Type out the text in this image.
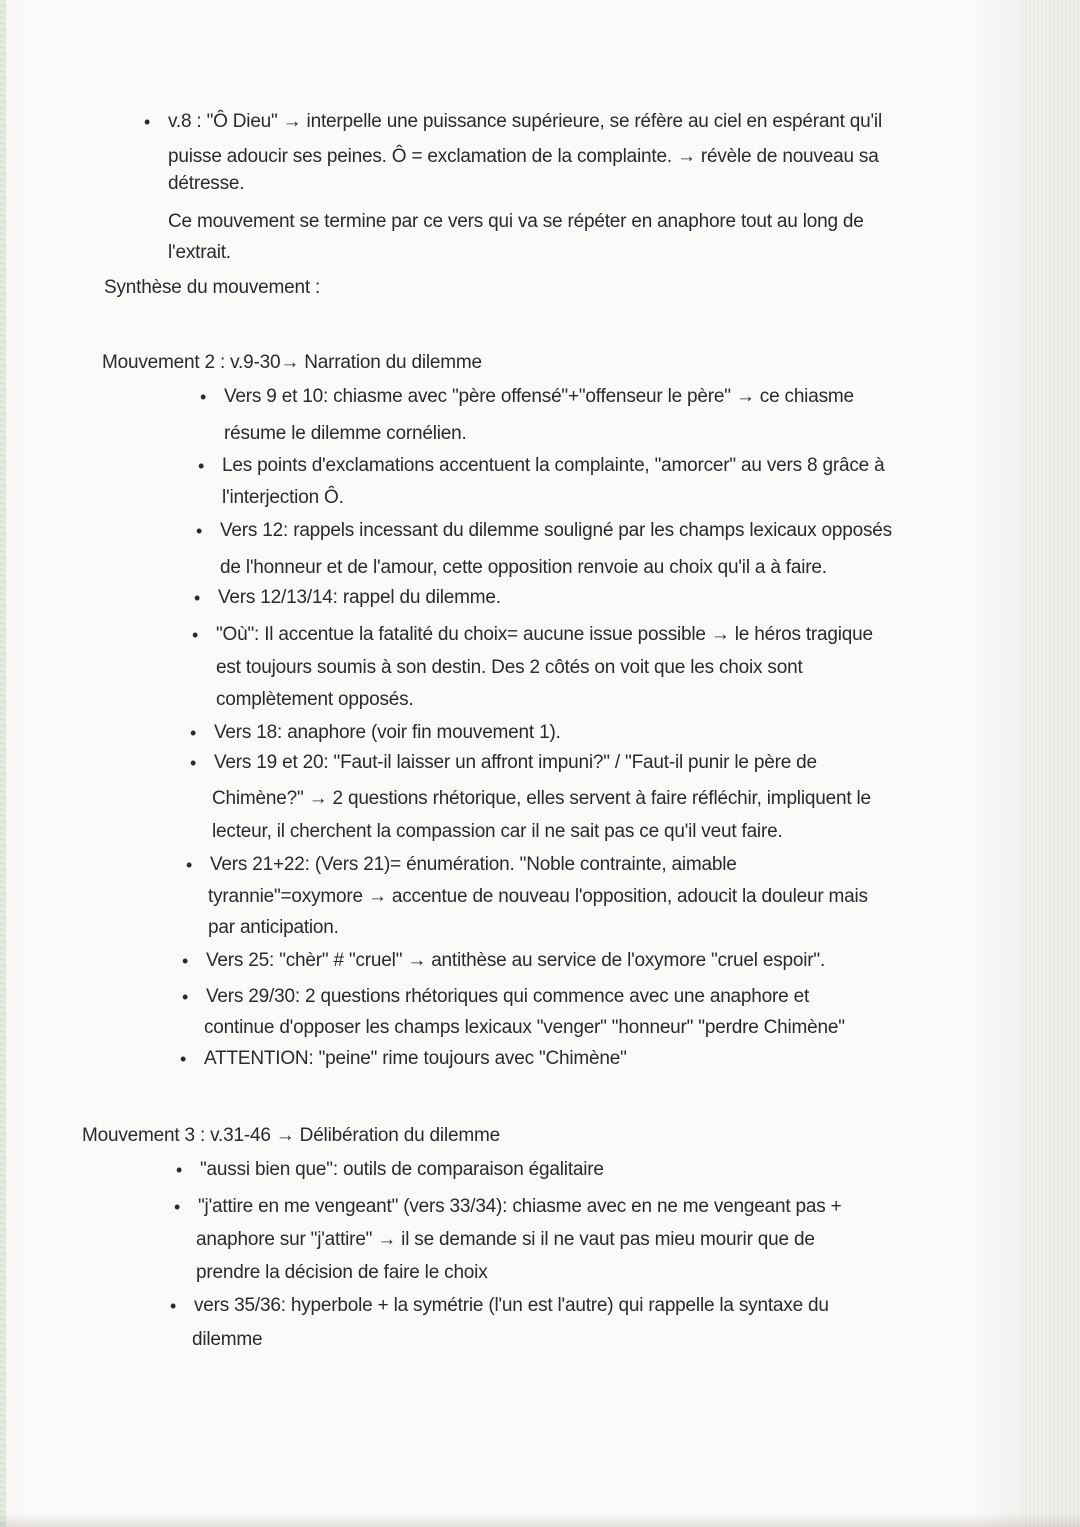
• v.8 : "Ô Dieu" → interpelle une puissance supérieure, se réfère au ciel en espérant qu'il
puisse adoucir ses peines. Ô = exclamation de la complainte. → révèle de nouveau sa
détresse.
Ce mouvement se termine par ce vers qui va se répéter en anaphore tout au long de
l'extrait.
Synthèse du mouvement :
Mouvement 2 : v.9-30→ Narration du dilemme
• Vers 9 et 10: chiasme avec "père offensé"+"offenseur le père" → ce chiasme
résume le dilemme cornélien.
• Les points d'exclamations accentuent la complainte, "amorcer" au vers 8 grâce à
l'interjection Ô.
• Vers 12: rappels incessant du dilemme souligné par les champs lexicaux opposés
de l'honneur et de l'amour, cette opposition renvoie au choix qu'il a à faire.
• Vers 12/13/14: rappel du dilemme.
• "Où": Il accentue la fatalité du choix= aucune issue possible → le héros tragique
est toujours soumis à son destin. Des 2 côtés on voit que les choix sont
complètement opposés.
• Vers 18: anaphore (voir fin mouvement 1).
• Vers 19 et 20: "Faut-il laisser un affront impuni?" / "Faut-il punir le père de
Chimène?" → 2 questions rhétorique, elles servent à faire réfléchir, impliquent le
lecteur, il cherchent la compassion car il ne sait pas ce qu'il veut faire.
• Vers 21+22: (Vers 21)= énumération. "Noble contrainte, aimable
tyrannie"=oxymore → accentue de nouveau l'opposition, adoucit la douleur mais
par anticipation.
• Vers 25: "chèr" # "cruel" → antithèse au service de l'oxymore "cruel espoir".
• Vers 29/30: 2 questions rhétoriques qui commence avec une anaphore et
continue d'opposer les champs lexicaux "venger" "honneur" "perdre Chimène"
• ATTENTION: "peine" rime toujours avec "Chimène"
Mouvement 3 : v.31-46 → Délibération du dilemme
• "aussi bien que": outils de comparaison égalitaire
• "j'attire en me vengeant" (vers 33/34): chiasme avec en ne me vengeant pas +
anaphore sur "j'attire" → il se demande si il ne vaut pas mieu mourir que de
prendre la décision de faire le choix
• vers 35/36: hyperbole + la symétrie (l'un est l'autre) qui rappelle la syntaxe du
dilemme
